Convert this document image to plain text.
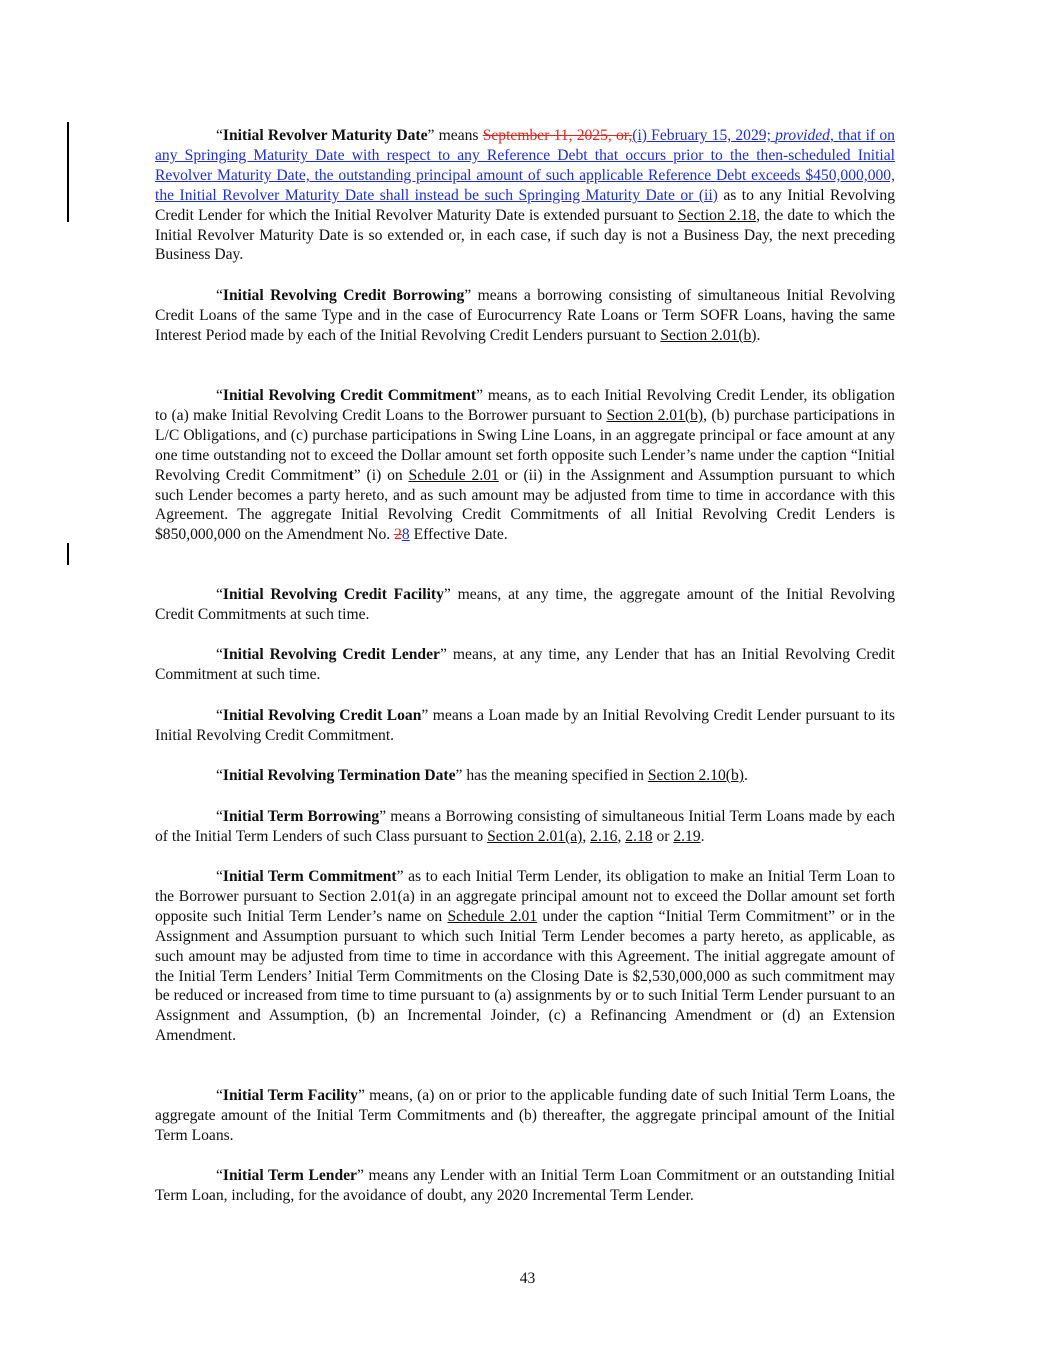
“Initial Revolver Maturity Date” means September 11, 2025, or,(i) February 15, 2029; provided, that if on any Springing Maturity Date with respect to any Reference Debt that occurs prior to the then-scheduled Initial Revolver Maturity Date, the outstanding principal amount of such applicable Reference Debt exceeds $450,000,000, the Initial Revolver Maturity Date shall instead be such Springing Maturity Date or (ii) as to any Initial Revolving Credit Lender for which the Initial Revolver Maturity Date is extended pursuant to Section 2.18, the date to which the Initial Revolver Maturity Date is so extended or, in each case, if such day is not a Business Day, the next preceding Business Day.

“Initial Revolving Credit Borrowing” means a borrowing consisting of simultaneous Initial Revolving Credit Loans of the same Type and in the case of Eurocurrency Rate Loans or Term SOFR Loans, having the same Interest Period made by each of the Initial Revolving Credit Lenders pursuant to Section 2.01(b).

“Initial Revolving Credit Commitment” means, as to each Initial Revolving Credit Lender, its obligation to (a) make Initial Revolving Credit Loans to the Borrower pursuant to Section 2.01(b), (b) purchase participations in L/C Obligations, and (c) purchase participations in Swing Line Loans, in an aggregate principal or face amount at any one time outstanding not to exceed the Dollar amount set forth opposite such Lender’s name under the caption “Initial Revolving Credit Commitment” (i) on Schedule 2.01 or (ii) in the Assignment and Assumption pursuant to which such Lender becomes a party hereto, and as such amount may be adjusted from time to time in accordance with this Agreement. The aggregate Initial Revolving Credit Commitments of all Initial Revolving Credit Lenders is $850,000,000 on the Amendment No. 28 Effective Date.

“Initial Revolving Credit Facility” means, at any time, the aggregate amount of the Initial Revolving Credit Commitments at such time.

“Initial Revolving Credit Lender” means, at any time, any Lender that has an Initial Revolving Credit Commitment at such time.

“Initial Revolving Credit Loan” means a Loan made by an Initial Revolving Credit Lender pursuant to its Initial Revolving Credit Commitment.

“Initial Revolving Termination Date” has the meaning specified in Section 2.10(b).

“Initial Term Borrowing” means a Borrowing consisting of simultaneous Initial Term Loans made by each of the Initial Term Lenders of such Class pursuant to Section 2.01(a), 2.16, 2.18 or 2.19.

“Initial Term Commitment” as to each Initial Term Lender, its obligation to make an Initial Term Loan to the Borrower pursuant to Section 2.01(a) in an aggregate principal amount not to exceed the Dollar amount set forth opposite such Initial Term Lender’s name on Schedule 2.01 under the caption “Initial Term Commitment” or in the Assignment and Assumption pursuant to which such Initial Term Lender becomes a party hereto, as applicable, as such amount may be adjusted from time to time in accordance with this Agreement. The initial aggregate amount of the Initial Term Lenders’ Initial Term Commitments on the Closing Date is $2,530,000,000 as such commitment may be reduced or increased from time to time pursuant to (a) assignments by or to such Initial Term Lender pursuant to an Assignment and Assumption, (b) an Incremental Joinder, (c) a Refinancing Amendment or (d) an Extension Amendment.

“Initial Term Facility” means, (a) on or prior to the applicable funding date of such Initial Term Loans, the aggregate amount of the Initial Term Commitments and (b) thereafter, the aggregate principal amount of the Initial Term Loans.

“Initial Term Lender” means any Lender with an Initial Term Loan Commitment or an outstanding Initial Term Loan, including, for the avoidance of doubt, any 2020 Incremental Term Lender.

43
